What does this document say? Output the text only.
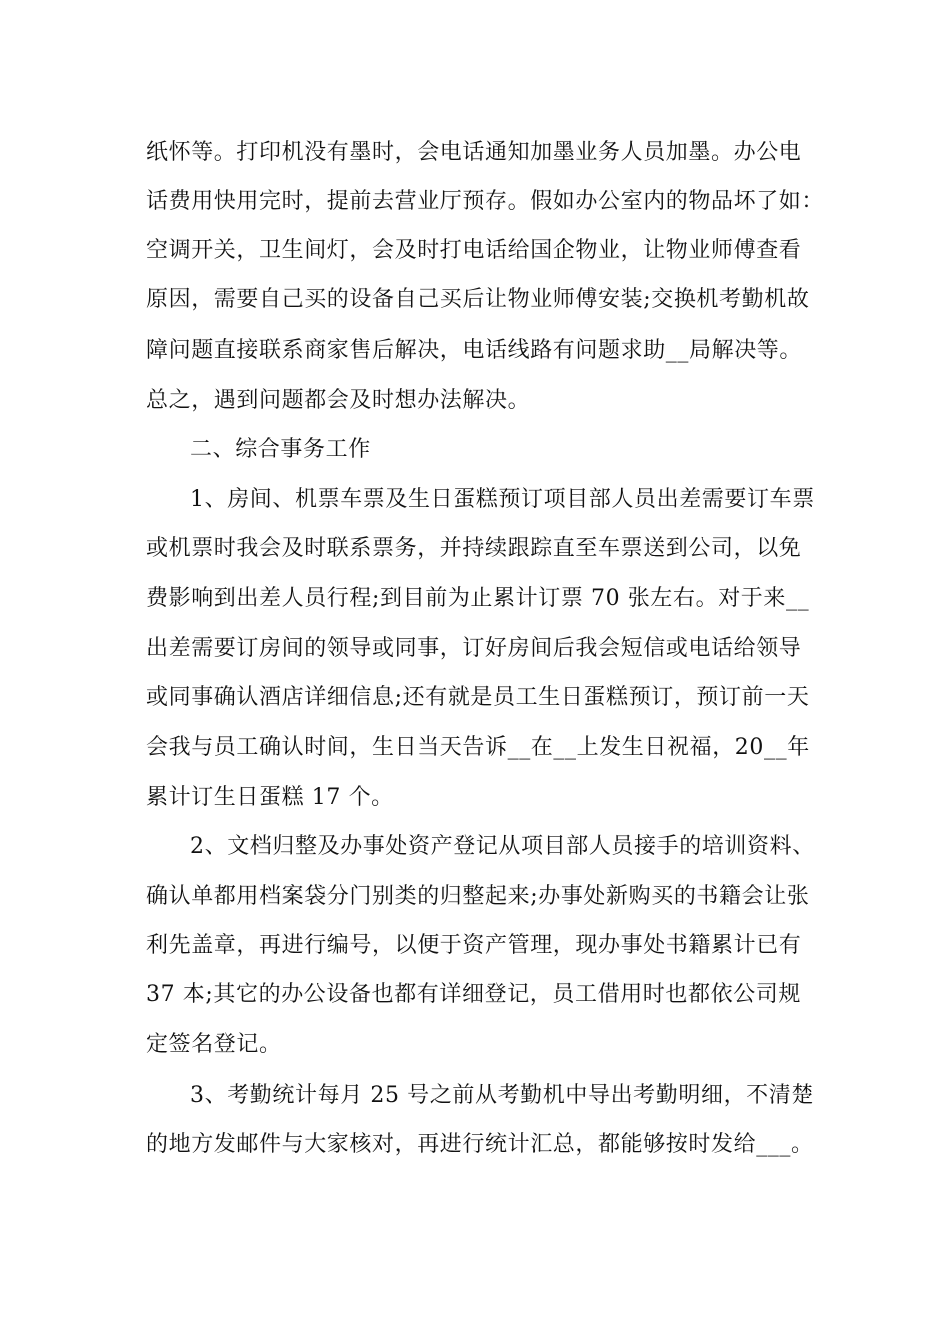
纸怀等。打印机没有墨时，会电话通知加墨业务人员加墨。办公电
话费用快用完时，提前去营业厅预存。假如办公室内的物品坏了如：
空调开关，卫生间灯，会及时打电话给国企物业，让物业师傅查看
原因，需要自己买的设备自己买后让物业师傅安装;交换机考勤机故
障问题直接联系商家售后解决，电话线路有问题求助__局解决等。
总之，遇到问题都会及时想办法解决。
二、综合事务工作
1、房间、机票车票及生日蛋糕预订项目部人员出差需要订车票
或机票时我会及时联系票务，并持续跟踪直至车票送到公司，以免
费影响到出差人员行程;到目前为止累计订票 70 张左右。对于来__
出差需要订房间的领导或同事，订好房间后我会短信或电话给领导
或同事确认酒店详细信息;还有就是员工生日蛋糕预订，预订前一天
会我与员工确认时间，生日当天告诉__在__上发生日祝福，20__年
累计订生日蛋糕 17 个。
2、文档归整及办事处资产登记从项目部人员接手的培训资料、
确认单都用档案袋分门别类的归整起来;办事处新购买的书籍会让张
利先盖章，再进行编号，以便于资产管理，现办事处书籍累计已有
37 本;其它的办公设备也都有详细登记，员工借用时也都依公司规
定签名登记。
3、考勤统计每月 25 号之前从考勤机中导出考勤明细，不清楚
的地方发邮件与大家核对，再进行统计汇总，都能够按时发给___。
